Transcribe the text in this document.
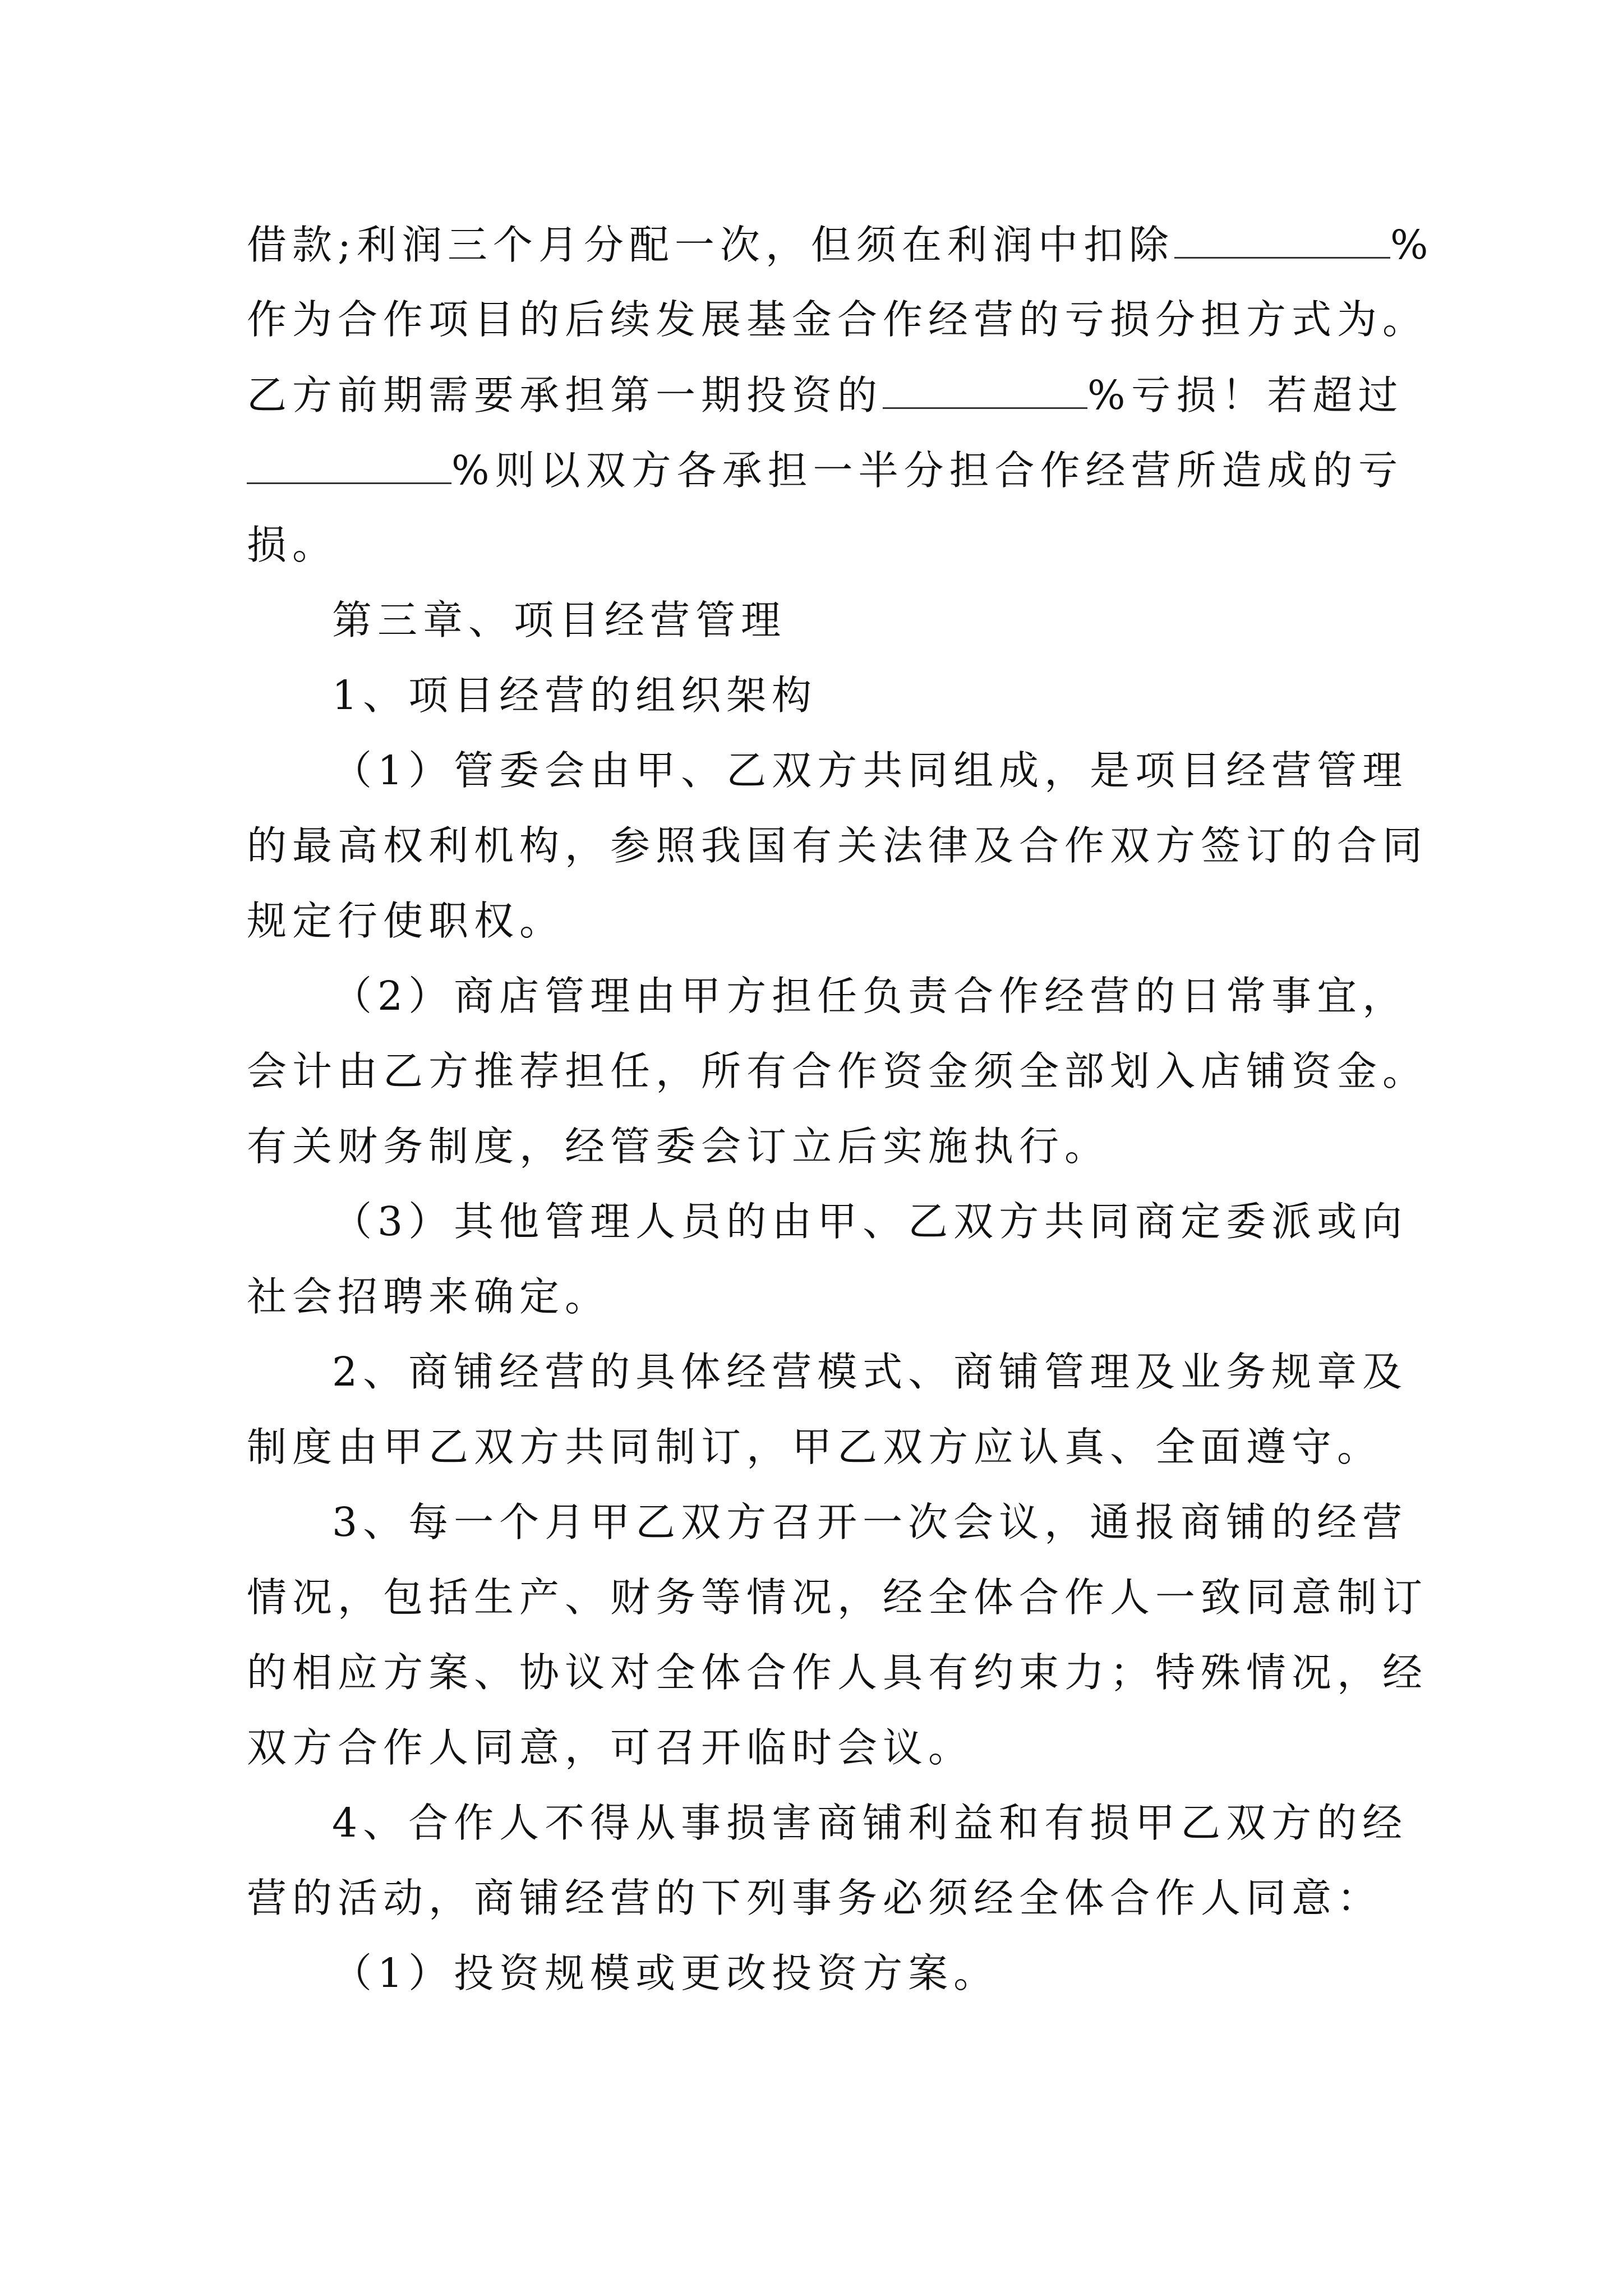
借款;利润三个月分配一次，但须在利润中扣除	%
作为合作项目的后续发展基金合作经营的亏损分担方式为。
乙方前期需要承担第一期投资的	%亏损！若超过
%则以双方各承担一半分担合作经营所造成的亏
损。
第三章、项目经营管理
1、项目经营的组织架构
（1）管委会由甲、乙双方共同组成，是项目经营管理
的最高权利机构，参照我国有关法律及合作双方签订的合同
规定行使职权。
（2）商店管理由甲方担任负责合作经营的日常事宜，
会计由乙方推荐担任，所有合作资金须全部划入店铺资金。
有关财务制度，经管委会订立后实施执行。
（3）其他管理人员的由甲、乙双方共同商定委派或向
社会招聘来确定。
2、商铺经营的具体经营模式、商铺管理及业务规章及
制度由甲乙双方共同制订，甲乙双方应认真、全面遵守。
3、每一个月甲乙双方召开一次会议，通报商铺的经营
情况，包括生产、财务等情况，经全体合作人一致同意制订
的相应方案、协议对全体合作人具有约束力；特殊情况，经
双方合作人同意，可召开临时会议。
4、合作人不得从事损害商铺利益和有损甲乙双方的经
营的活动，商铺经营的下列事务必须经全体合作人同意：
（1）投资规模或更改投资方案。
